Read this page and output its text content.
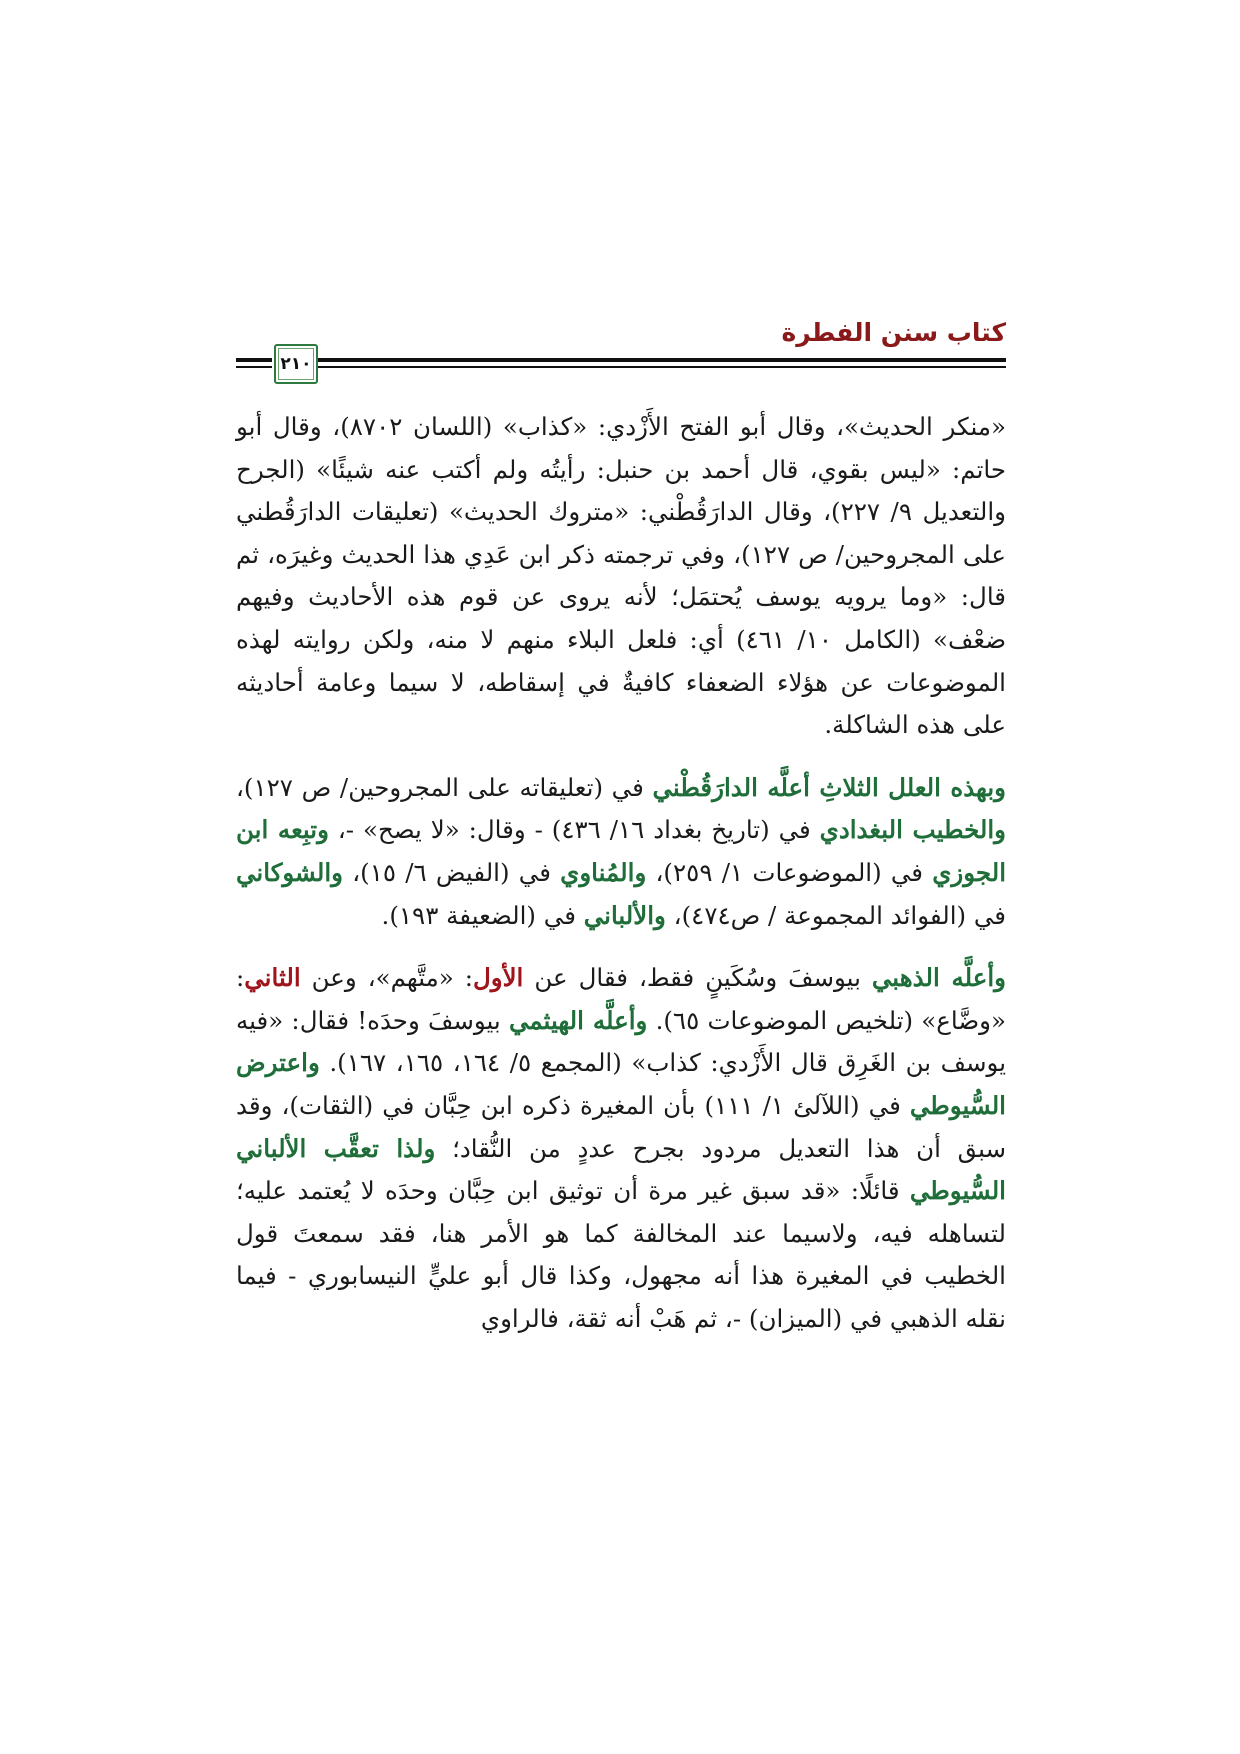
كتاب سنن الفطرة
٢١٠

«منكر الحديث»، وقال أبو الفتح الأَزْدي: «كذاب» (اللسان ٨٧٠٢)، وقال أبو حاتم: «ليس بقوي، قال أحمد بن حنبل: رأيتُه ولم أكتب عنه شيئًا» (الجرح والتعديل ٩/ ٢٢٧)، وقال الدارَقُطْني: «متروك الحديث» (تعليقات الدارَقُطني على المجروحين/ ص ١٢٧)، وفي ترجمته ذكر ابن عَدِي هذا الحديث وغيرَه، ثم قال: «وما يرويه يوسف يُحتمَل؛ لأنه يروى عن قوم هذه الأحاديث وفيهم ضعْف» (الكامل ١٠/ ٤٦١) أي: فلعل البلاء منهم لا منه، ولكن روايته لهذه الموضوعات عن هؤلاء الضعفاء كافيةٌ في إسقاطه، لا سيما وعامة أحاديثه على هذه الشاكلة.

وبهذه العلل الثلاثِ أعلَّه الدارَقُطْني في (تعليقاته على المجروحين/ ص ١٢٧)، والخطيب البغدادي في (تاريخ بغداد ١٦/ ٤٣٦) - وقال: «لا يصح» -، وتبِعه ابن الجوزي في (الموضوعات ١/ ٢٥٩)، والمُناوي في (الفيض ٦/ ١٥)، والشوكاني في (الفوائد المجموعة / ص٤٧٤)، والألباني في (الضعيفة ١٩٣).

وأعلَّه الذهبي بيوسفَ وسُكَينٍ فقط، فقال عن الأول: «متَّهم»، وعن الثاني: «وضَّاع» (تلخيص الموضوعات ٦٥). وأعلَّه الهيثمي بيوسفَ وحدَه! فقال: «فيه يوسف بن الغَرِق قال الأَزْدي: كذاب» (المجمع ٥/ ١٦٤، ١٦٥، ١٦٧). واعترض السُّيوطي في (اللآلئ ١/ ١١١) بأن المغيرة ذكره ابن حِبَّان في (الثقات)، وقد سبق أن هذا التعديل مردود بجرح عددٍ من النُّقاد؛ ولذا تعقَّب الألباني السُّيوطي قائلًا: «قد سبق غير مرة أن توثيق ابن حِبَّان وحدَه لا يُعتمد عليه؛ لتساهله فيه، ولاسيما عند المخالفة كما هو الأمر هنا، فقد سمعتَ قول الخطيب في المغيرة هذا أنه مجهول، وكذا قال أبو عليٍّ النيسابوري - فيما نقله الذهبي في (الميزان) -، ثم هَبْ أنه ثقة، فالراوي
